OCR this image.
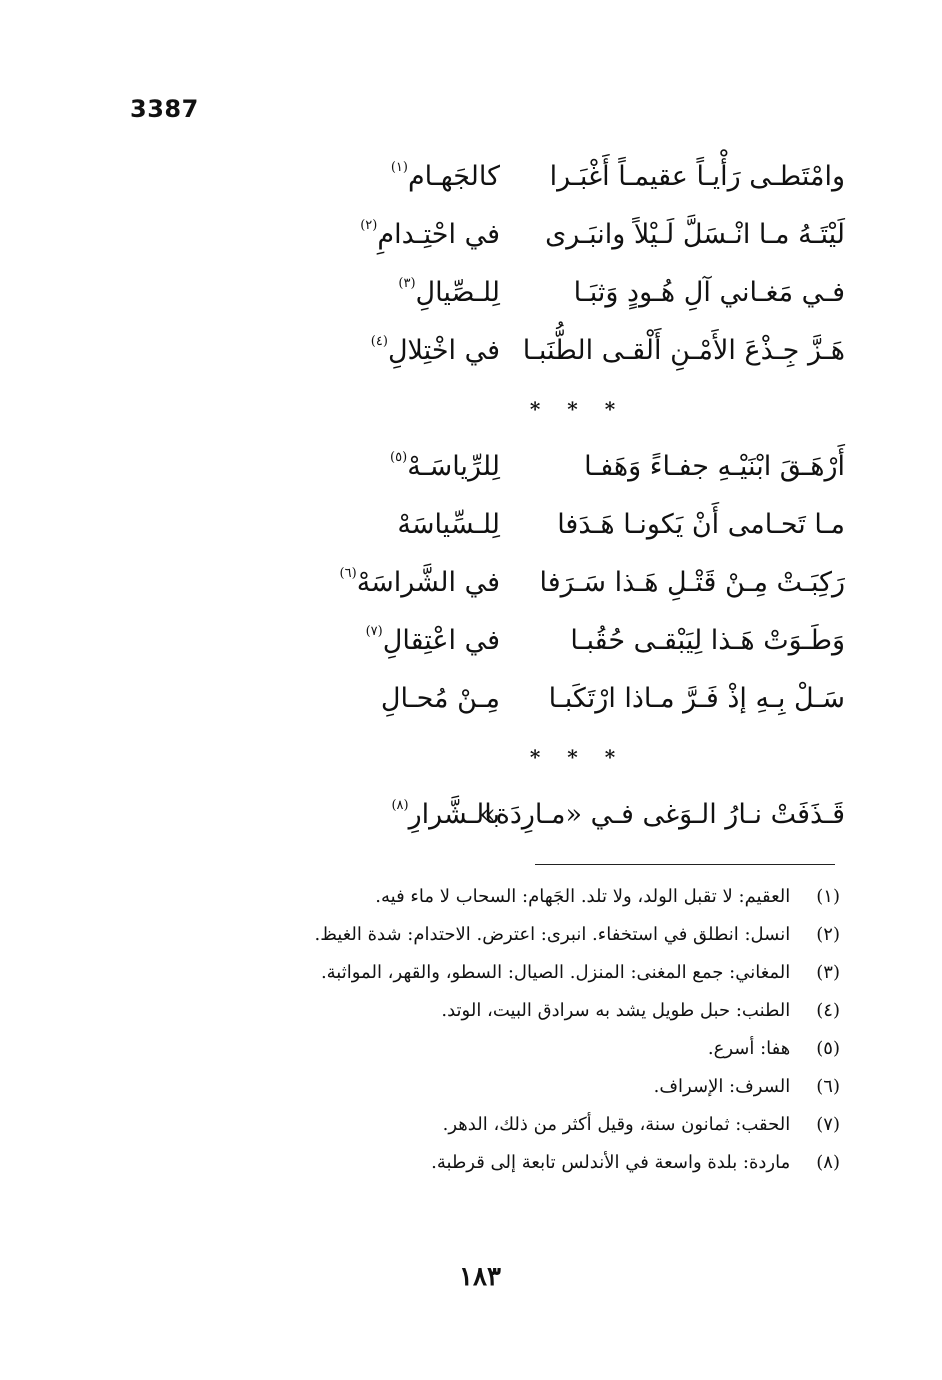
3387
وامْتَطـى رَأْيـاً عقيمـاً أَغْبَـرا
كالجَهـام$^{(١)}$
لَيْتَـهُ مـا انْـسَلَّ لَـيْلاً وانبَـرى
في احْتِـدامِ$^{(٢)}$
فـي مَغـاني آلِ هُـودٍ وَثبَـا
لِلـصِّيالِ$^{(٣)}$
هَـزَّ جِـذْعَ الأَمْـنِ أَلْقـى الطُّنَبـا
في اخْتِلالِ$^{(٤)}$
* * *
أَرْهَـقَ ابْنَيْـهِ جفـاءً وَهَفـا
لِلرِّياسَـهْ$^{(٥)}$
مـا تَحـامى أَنْ يَكونـا هَـدَفا
لِلـسِّياسَهْ
رَكِبَـتْ مِـنْ قَتْـلِ هَـذا سَـرَفا
في الشَّراسَهْ$^{(٦)}$
وَطَـوَتْ هَـذا لِيَبْقـى حُقُبـا
في اعْتِقالِ$^{(٧)}$
سَـلْ بِـهِ إذْ فَـرَّ مـاذا ارْتَكَبـا
مِـنْ مُحـالِ
* * *
قَـذَفَتْ نـارُ الـوَغى فـي «مـارِدَة»
بالـشَّرارِ$^{(٨)}$
(١) العقيم: لا تقبل الولد، ولا تلد. الجَهام: السحاب لا ماء فيه.
(٢) انسل: انطلق في استخفاء. انبرى: اعترض. الاحتدام: شدة الغيظ.
(٣) المغاني: جمع المغنى: المنزل. الصيال: السطو، والقهر، المواثبة.
(٤) الطنب: حبل طويل يشد به سرادق البيت، الوتد.
(٥) هفا: أسرع.
(٦) السرف: الإسراف.
(٧) الحقب: ثمانون سنة، وقيل أكثر من ذلك، الدهر.
(٨) ماردة: بلدة واسعة في الأندلس تابعة إلى قرطبة.
١٨٣
